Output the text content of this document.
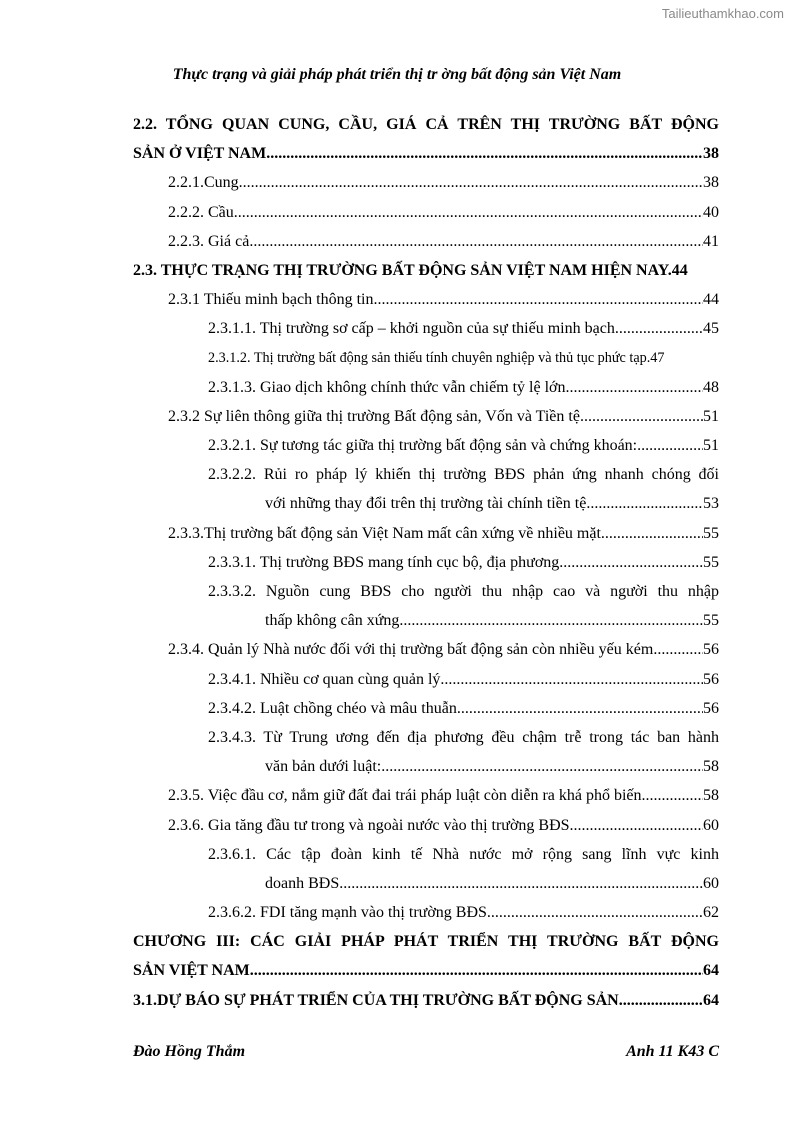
Tailieuthamkhao.com
Thực trạng và giải pháp phát triển thị tr ờng bất động sản Việt Nam
2.2. TỔNG QUAN CUNG, CẦU, GIÁ CẢ TRÊN THỊ TRƯỜNG BẤT ĐỘNG
SẢN Ở VIỆT NAM .....	38
2.2.1.Cung .....	38
2.2.2. Cầu .....	40
2.2.3. Giá cả .....	41
2.3. THỰC TRẠNG THỊ TRƯỜNG BẤT ĐỘNG SẢN VIỆT NAM HIỆN NAY. 44
2.3.1 Thiếu minh bạch thông tin .....	44
2.3.1.1. Thị trường sơ cấp – khởi nguồn của sự thiếu minh bạch .....	45
2.3.1.2. Thị trường bất động sản thiếu tính chuyên nghiệp và thủ tục phức tạp. 47
2.3.1.3. Giao dịch không chính thức vẫn chiếm tỷ lệ lớn .....	48
2.3.2 Sự liên thông giữa thị trường Bất động sản, Vốn và Tiền tệ .....	51
2.3.2.1. Sự tương tác giữa thị trường bất động sản và chứng khoán: .....	51
2.3.2.2. Rủi ro pháp lý khiến thị trường BĐS phản ứng nhanh chóng đối
với những thay đổi trên thị trường tài chính tiền tệ .....	53
2.3.3.Thị trường bất động sản Việt Nam mất cân xứng về nhiều mặt .....	55
2.3.3.1. Thị trường BĐS mang tính cục bộ, địa phương .....	55
2.3.3.2. Nguồn cung BĐS cho người thu nhập cao và người thu nhập
thấp không cân xứng .....	55
2.3.4. Quản lý Nhà nước đối với thị trường bất động sản còn nhiều yếu kém .....	56
2.3.4.1. Nhiều cơ quan cùng quản lý .....	56
2.3.4.2. Luật chồng chéo và mâu thuẫn .....	56
2.3.4.3. Từ Trung ương đến địa phương đều chậm trễ trong tác ban hành
văn bản dưới luật: .....	58
2.3.5. Việc đầu cơ, nắm giữ đất đai trái pháp luật còn diễn ra khá phổ biến .....	58
2.3.6. Gia tăng đầu tư trong và ngoài nước vào thị trường BĐS .....	60
2.3.6.1. Các tập đoàn kinh tế Nhà nước mở rộng sang lĩnh vực kinh
doanh BĐS .....	60
2.3.6.2. FDI tăng mạnh vào thị trường BĐS .....	62
CHƯƠNG III: CÁC GIẢI PHÁP PHÁT TRIỂN THỊ TRƯỜNG BẤT ĐỘNG
SẢN VIỆT NAM .....	64
3.1.DỰ BÁO SỰ PHÁT TRIỂN CỦA THỊ TRƯỜNG BẤT ĐỘNG SẢN .....	64
Đào Hồng Thắm	Anh 11 K43 C
